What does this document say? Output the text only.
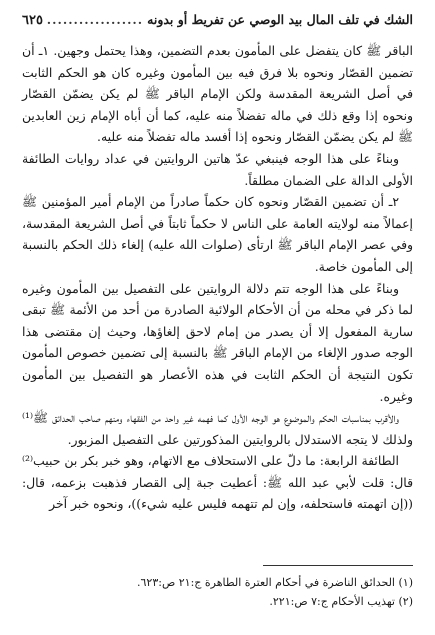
الشك في تلف المال بيد الوصي عن تفريط أو بدونه
.....
٦٢٥

الباقر ﷺ كان يتفضل على المأمون بعدم التضمين، وهذا يحتمل وجهين. ١ـ أن تضمين القصّار ونحوه بلا فرق فيه بين المأمون وغيره كان هو الحكم الثابت في أصل الشريعة المقدسة ولكن الإمام الباقر ﷺ لم يكن يضمّن القصّار ونحوه إذا وقع ذلك في ماله تفضلاً منه عليه، كما أن أباه الإمام زين العابدين ﷺ لم يكن يضمّن القصّار ونحوه إذا أفسد ماله تفضلاً منه عليه.

وبناءً على هذا الوجه فينبغي عدّ هاتين الروايتين في عداد روايات الطائفة الأولى الدالة على الضمان مطلقاً.

٢ـ أن تضمين القصّار ونحوه كان حكماً صادراً من الإمام أمير المؤمنين ﷺ إعمالاً منه لولايته العامة على الناس لا حكماً ثابتاً في أصل الشريعة المقدسة، وفي عصر الإمام الباقر ﷺ ارتأى (صلوات الله عليه) إلغاء ذلك الحكم بالنسبة إلى المأمون خاصة.

وبناءً على هذا الوجه تتم دلالة الروايتين على التفصيل بين المأمون وغيره لما ذكر في محله من أن الأحكام الولائية الصادرة من أحد من الأئمة ﷺ تبقى سارية المفعول إلا أن يصدر من إمام لاحق إلغاؤها، وحيث إن مقتضى هذا الوجه صدور الإلغاء من الإمام الباقر ﷺ بالنسبة إلى تضمين خصوص المأمون تكون النتيجة أن الحكم الثابت في هذه الأعصار هو التفصيل بين المأمون وغيره.

والأقرب بمناسبات الحكم والموضوع هو الوجه الأول كما فهمه غير واحد من الفقهاء ومنهم صاحب الحدائق ﷺ⁽¹⁾ ولذلك لا يتجه الاستدلال بالروايتين المذكورتين على التفصيل المزبور.

الطائفة الرابعة: ما دلّ على الاستحلاف مع الاتهام، وهو خبر بكر بن حبيب⁽²⁾ قال: قلت لأبي عبد الله ﷺ: أعطيت جبة إلى القصار فذهبت بزعمه، قال: ((إن اتهمته فاستحلفه، وإن لم تتهمه فليس عليه شيء))، ونحوه خبر آخر

(١) الحدائق الناضرة في أحكام العترة الطاهرة ج:٢١ ص:٦٢٣.

(٢) تهذيب الأحكام ج:٧ ص:٢٢١.
